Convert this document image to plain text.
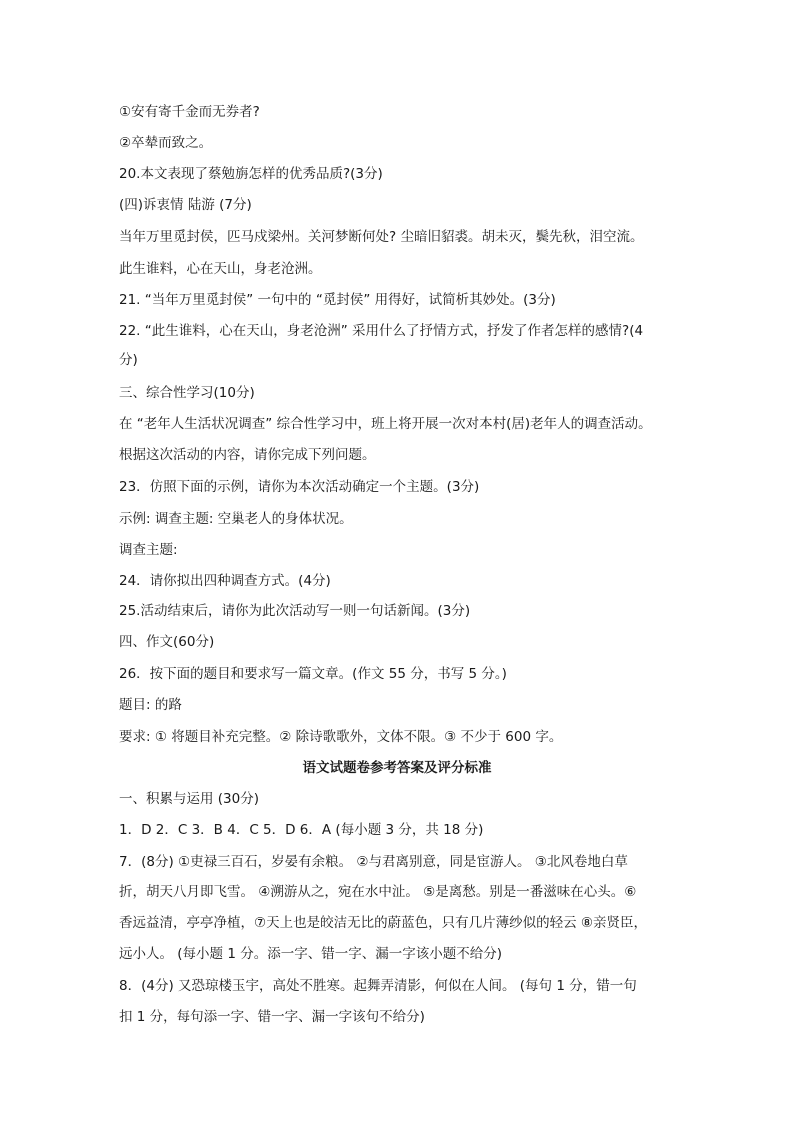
①安有寄千金而无券者?
②卒辇而致之。
20.本文表现了蔡勉旃怎样的优秀品质?(3分)
(四)诉衷情 陆游 (7分)
当年万里觅封侯，匹马戍梁州。关河梦断何处? 尘暗旧貂裘。胡未灭，鬓先秋，泪空流。
此生谁料，心在天山，身老沧洲。
21. “当年万里觅封侯” 一句中的 “觅封侯” 用得好，试简析其妙处。(3分)
22. “此生谁料，心在天山，身老沧洲” 采用什么了抒情方式，抒发了作者怎样的感情?(4
分)
三、综合性学习(10分)
在 “老年人生活状况调查” 综合性学习中，班上将开展一次对本村(居)老年人的调查活动。
根据这次活动的内容，请你完成下列问题。
23．仿照下面的示例，请你为本次活动确定一个主题。(3分)
示例: 调查主题: 空巢老人的身体状况。
调查主题:
24．请你拟出四种调查方式。(4分)
25.活动结束后，请你为此次活动写一则一句话新闻。(3分)
四、作文(60分)
26．按下面的题目和要求写一篇文章。(作文 55 分，书写 5 分。)
题目: 的路
要求: ① 将题目补充完整。② 除诗歌歌外，文体不限。③ 不少于 600 字。
语文试题卷参考答案及评分标准
一、积累与运用 (30分)
1．D 2．C 3．B 4．C 5．D 6．A (每小题 3 分，共 18 分)
7．(8分) ①吏禄三百石，岁晏有余粮。 ②与君离别意，同是宦游人。 ③北风卷地白草
折，胡天八月即飞雪。 ④溯游从之，宛在水中沚。 ⑤是离愁。别是一番滋味在心头。⑥
香远益清，亭亭净植，⑦天上也是皎洁无比的蔚蓝色，只有几片薄纱似的轻云 ⑧亲贤臣，
远小人。 (每小题 1 分。添一字、错一字、漏一字该小题不给分)
8．(4分) 又恐琼楼玉宇，高处不胜寒。起舞弄清影，何似在人间。 (每句 1 分，错一句
扣 1 分，每句添一字、错一字、漏一字该句不给分)
